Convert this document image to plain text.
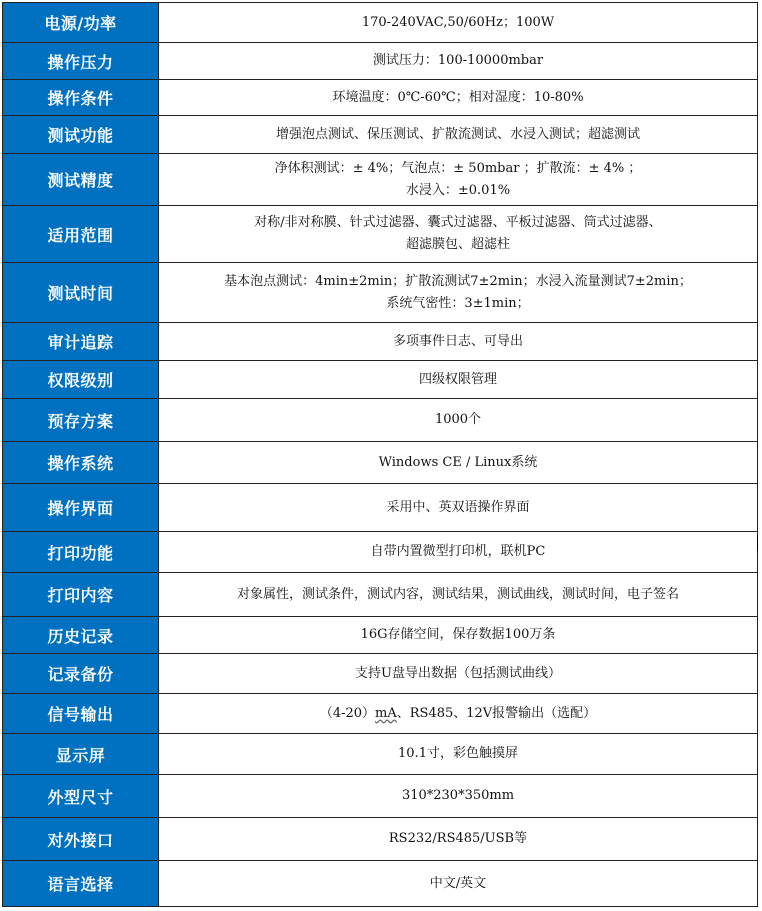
电源/功率	170-240VAC,50/60Hz；100W
操作压力	测试压力：100-10000mbar
操作条件	环境温度：0℃-60℃；相对湿度：10-80%
测试功能	增强泡点测试、保压测试、扩散流测试、水浸入测试；超滤测试
测试精度	净体积测试：± 4%；气泡点：± 50mbar ；扩散流：± 4% ；
水浸入：±0.01%

适用范围	对称/非对称膜、针式过滤器、囊式过滤器、平板过滤器、筒式过滤器、
超滤膜包、超滤柱

测试时间	基本泡点测试：4min±2min；扩散流测试7±2min；水浸入流量测试7±2min；
系统气密性：3±1min；

审计追踪	多项事件日志、可导出
权限级别	四级权限管理
预存方案	1000个
操作系统	Windows CE / Linux系统
操作界面	采用中、英双语操作界面
打印功能	自带内置微型打印机，联机PC
打印内容	对象属性，测试条件，测试内容，测试结果，测试曲线，测试时间，电子签名
历史记录	16G存储空间，保存数据100万条
记录备份	支持U盘导出数据（包括测试曲线）
信号输出	（4-20）mA、RS485、12V报警输出（选配）
显示屏	10.1寸，彩色触摸屏
外型尺寸	310*230*350mm
对外接口	RS232/RS485/USB等
语言选择	中文/英文
